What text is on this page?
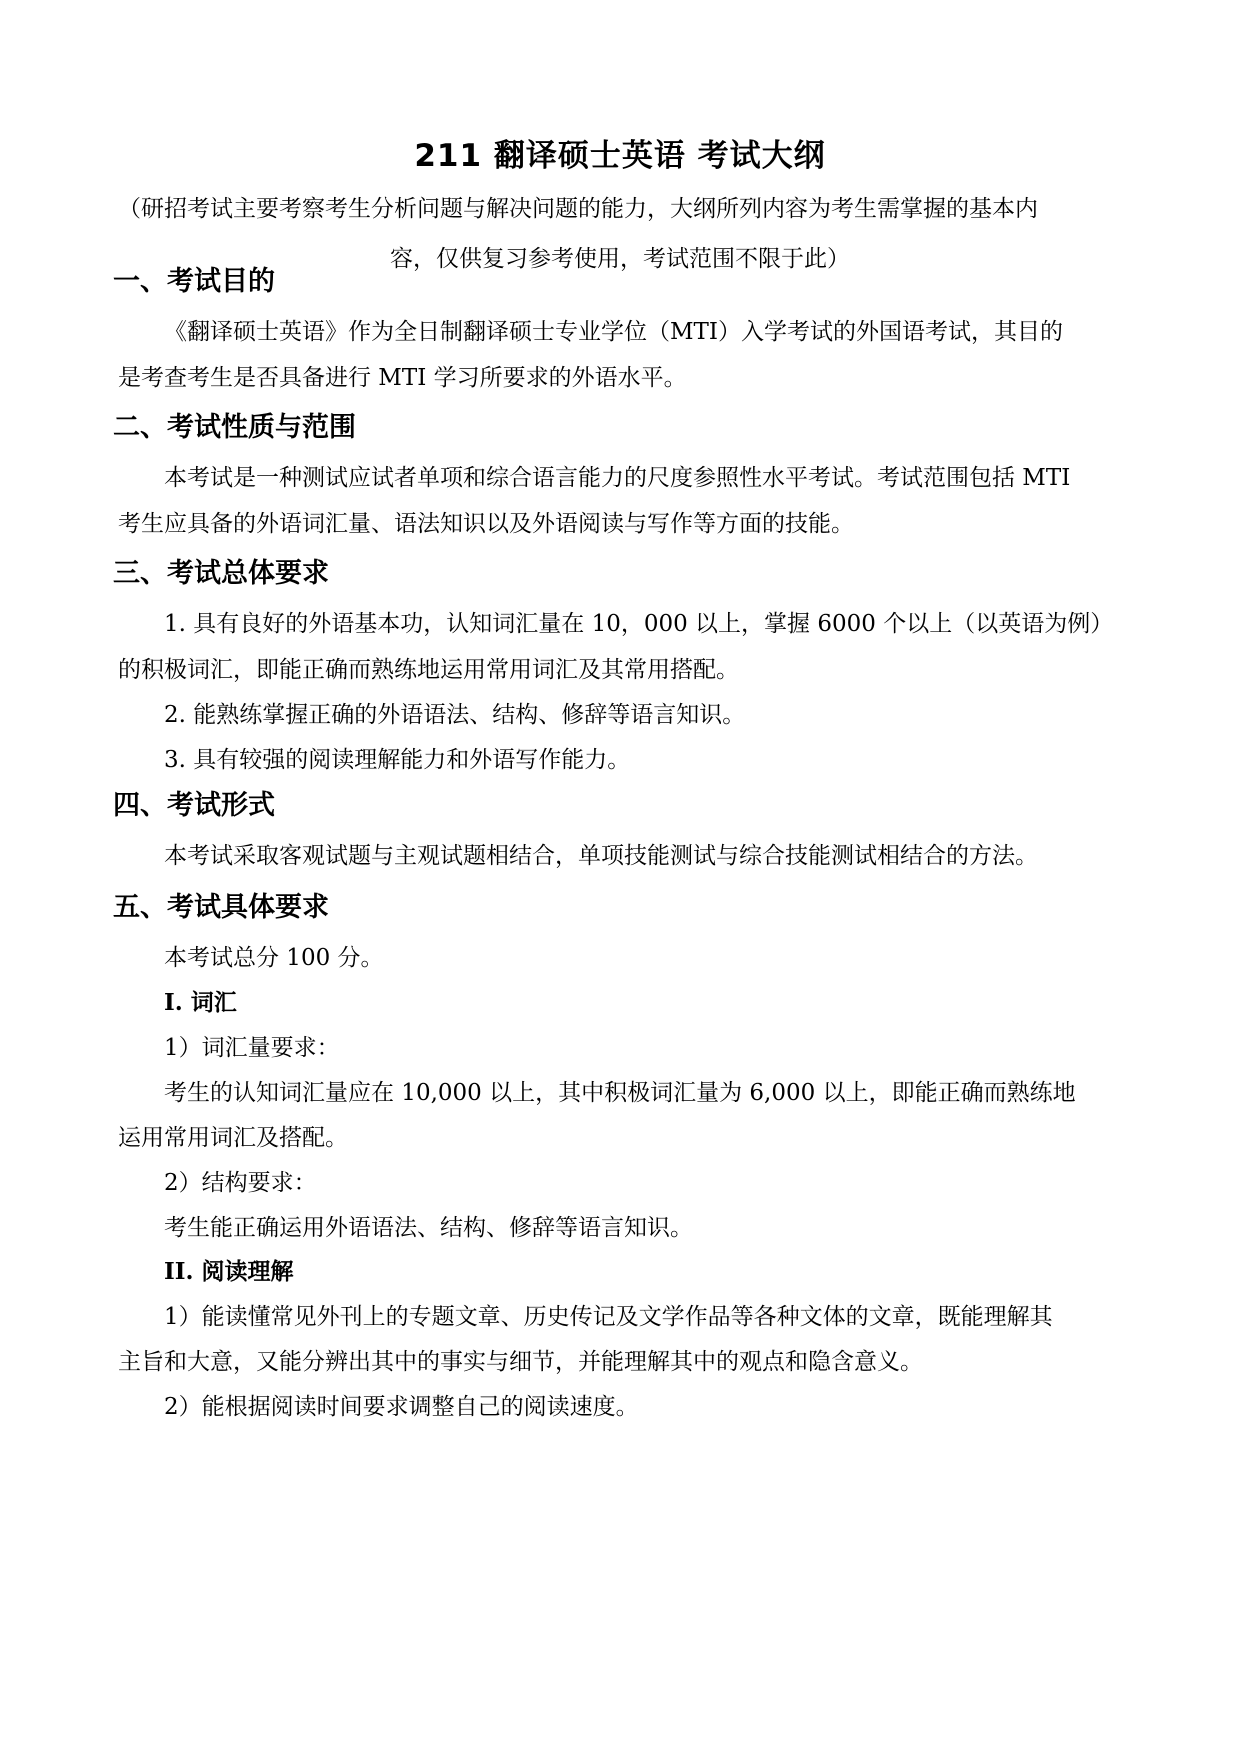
211 翻译硕士英语 考试大纲
（研招考试主要考察考生分析问题与解决问题的能力，大纲所列内容为考生需掌握的基本内
容，仅供复习参考使用，考试范围不限于此）
一、考试目的
《翻译硕士英语》作为全日制翻译硕士专业学位（MTI）入学考试的外国语考试，其目的
是考查考生是否具备进行 MTI 学习所要求的外语水平。
二、考试性质与范围
本考试是一种测试应试者单项和综合语言能力的尺度参照性水平考试。考试范围包括 MTI
考生应具备的外语词汇量、语法知识以及外语阅读与写作等方面的技能。
三、考试总体要求
1. 具有良好的外语基本功，认知词汇量在 10，000 以上，掌握 6000 个以上（以英语为例）
的积极词汇，即能正确而熟练地运用常用词汇及其常用搭配。
2. 能熟练掌握正确的外语语法、结构、修辞等语言知识。
3. 具有较强的阅读理解能力和外语写作能力。
四、考试形式
本考试采取客观试题与主观试题相结合，单项技能测试与综合技能测试相结合的方法。
五、考试具体要求
本考试总分 100 分。
I. 词汇
1）词汇量要求：
考生的认知词汇量应在 10,000 以上，其中积极词汇量为 6,000 以上，即能正确而熟练地
运用常用词汇及搭配。
2）结构要求：
考生能正确运用外语语法、结构、修辞等语言知识。
II. 阅读理解
1）能读懂常见外刊上的专题文章、历史传记及文学作品等各种文体的文章，既能理解其
主旨和大意，又能分辨出其中的事实与细节，并能理解其中的观点和隐含意义。
2）能根据阅读时间要求调整自己的阅读速度。
